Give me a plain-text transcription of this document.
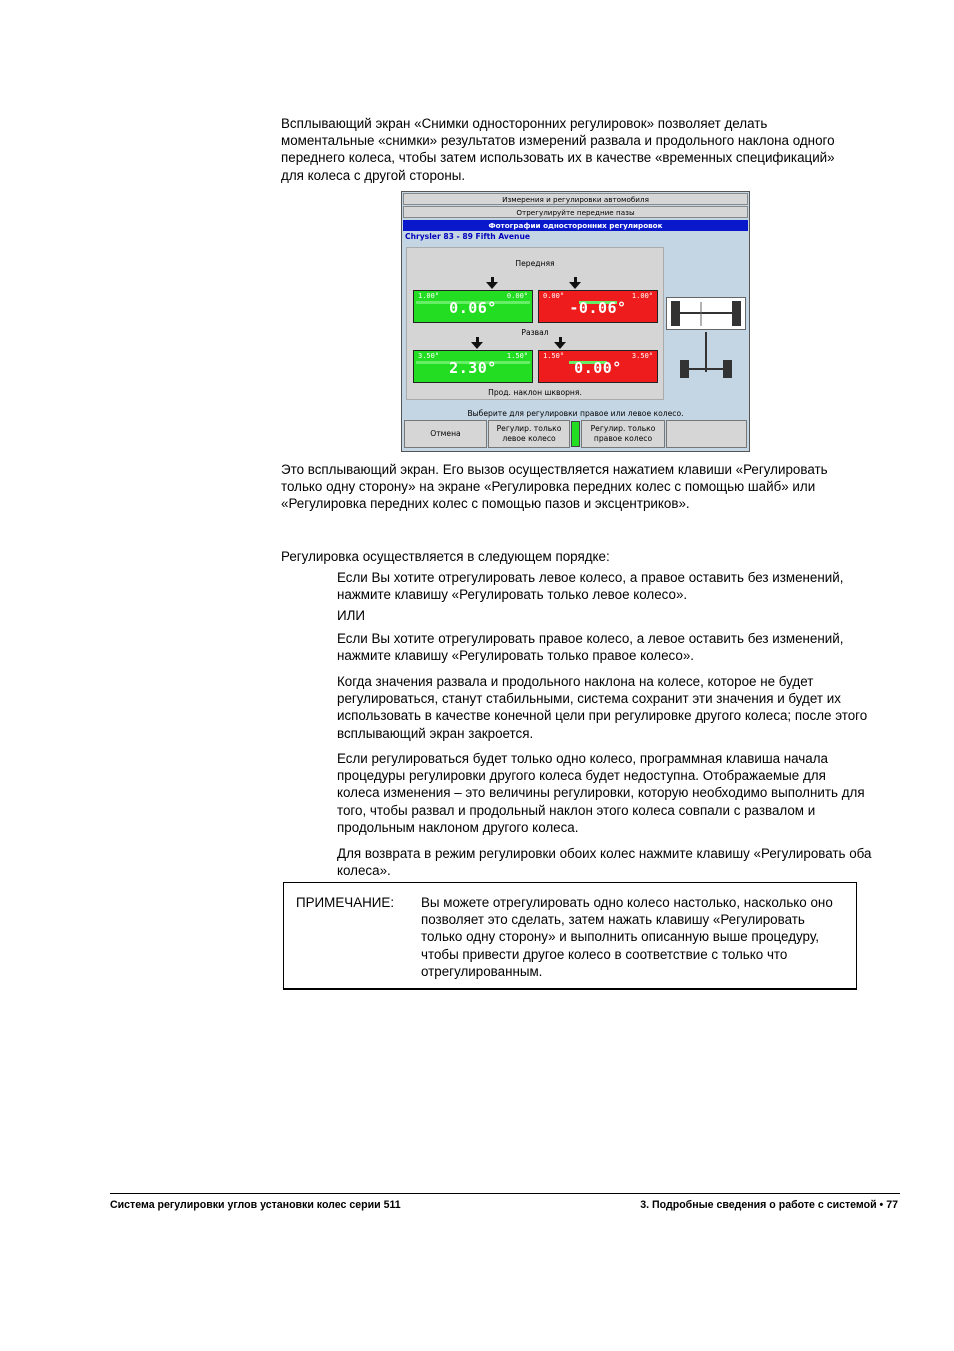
Всплывающий экран «Снимки односторонних регулировок» позволяет делать моментальные «снимки» результатов измерений развала и продольного наклона одного переднего колеса, чтобы затем использовать их в качестве «временных спецификаций» для колеса с другой стороны.

Измерения и регулировки автомобиля
Отрегулируйте передние пазы
Фотографии односторонних регулировок
Chrysler 83 - 89 Fifth Avenue
Передняя
1.00°	0.00°
0.06°
0.00°	1.00°
-0.06°
Развал
3.50°	1.50°
2.30°
1.50°	3.50°
0.00°
Прод. наклон шкворня.
Выберите для регулировки правое или левое колесо.
Отмена
Регулир. только
левое колесо
Регулир. только
правое колесо

Это всплывающий экран. Его вызов осуществляется нажатием клавиши «Регулировать только одну сторону» на экране «Регулировка передних колес с помощью шайб» или «Регулировка передних колес с помощью пазов и эксцентриков».

Регулировка осуществляется в следующем порядке:

Если Вы хотите отрегулировать левое колесо, а правое оставить без изменений, нажмите клавишу «Регулировать только левое колесо».

ИЛИ

Если Вы хотите отрегулировать правое колесо, а левое оставить без изменений, нажмите клавишу «Регулировать только правое колесо».

Когда значения развала и продольного наклона на колесе, которое не будет регулироваться, станут стабильными, система сохранит эти значения и будет их использовать в качестве конечной цели при регулировке другого колеса; после этого всплывающий экран закроется.

Если регулироваться будет только одно колесо, программная клавиша начала процедуры регулировки другого колеса будет недоступна. Отображаемые для колеса изменения – это величины регулировки, которую необходимо выполнить для того, чтобы развал и продольный наклон этого колеса совпали с развалом и продольным наклоном другого колеса.

Для возврата в режим регулировки обоих колес нажмите клавишу «Регулировать оба колеса».

ПРИМЕЧАНИЕ: Вы можете отрегулировать одно колесо настолько, насколько оно позволяет это сделать, затем нажать клавишу «Регулировать только одну сторону» и выполнить описанную выше процедуру, чтобы привести другое колесо в соответствие с только что отрегулированным.
Система регулировки углов установки колес серии 511	3. Подробные сведения о работе с системой • 77
